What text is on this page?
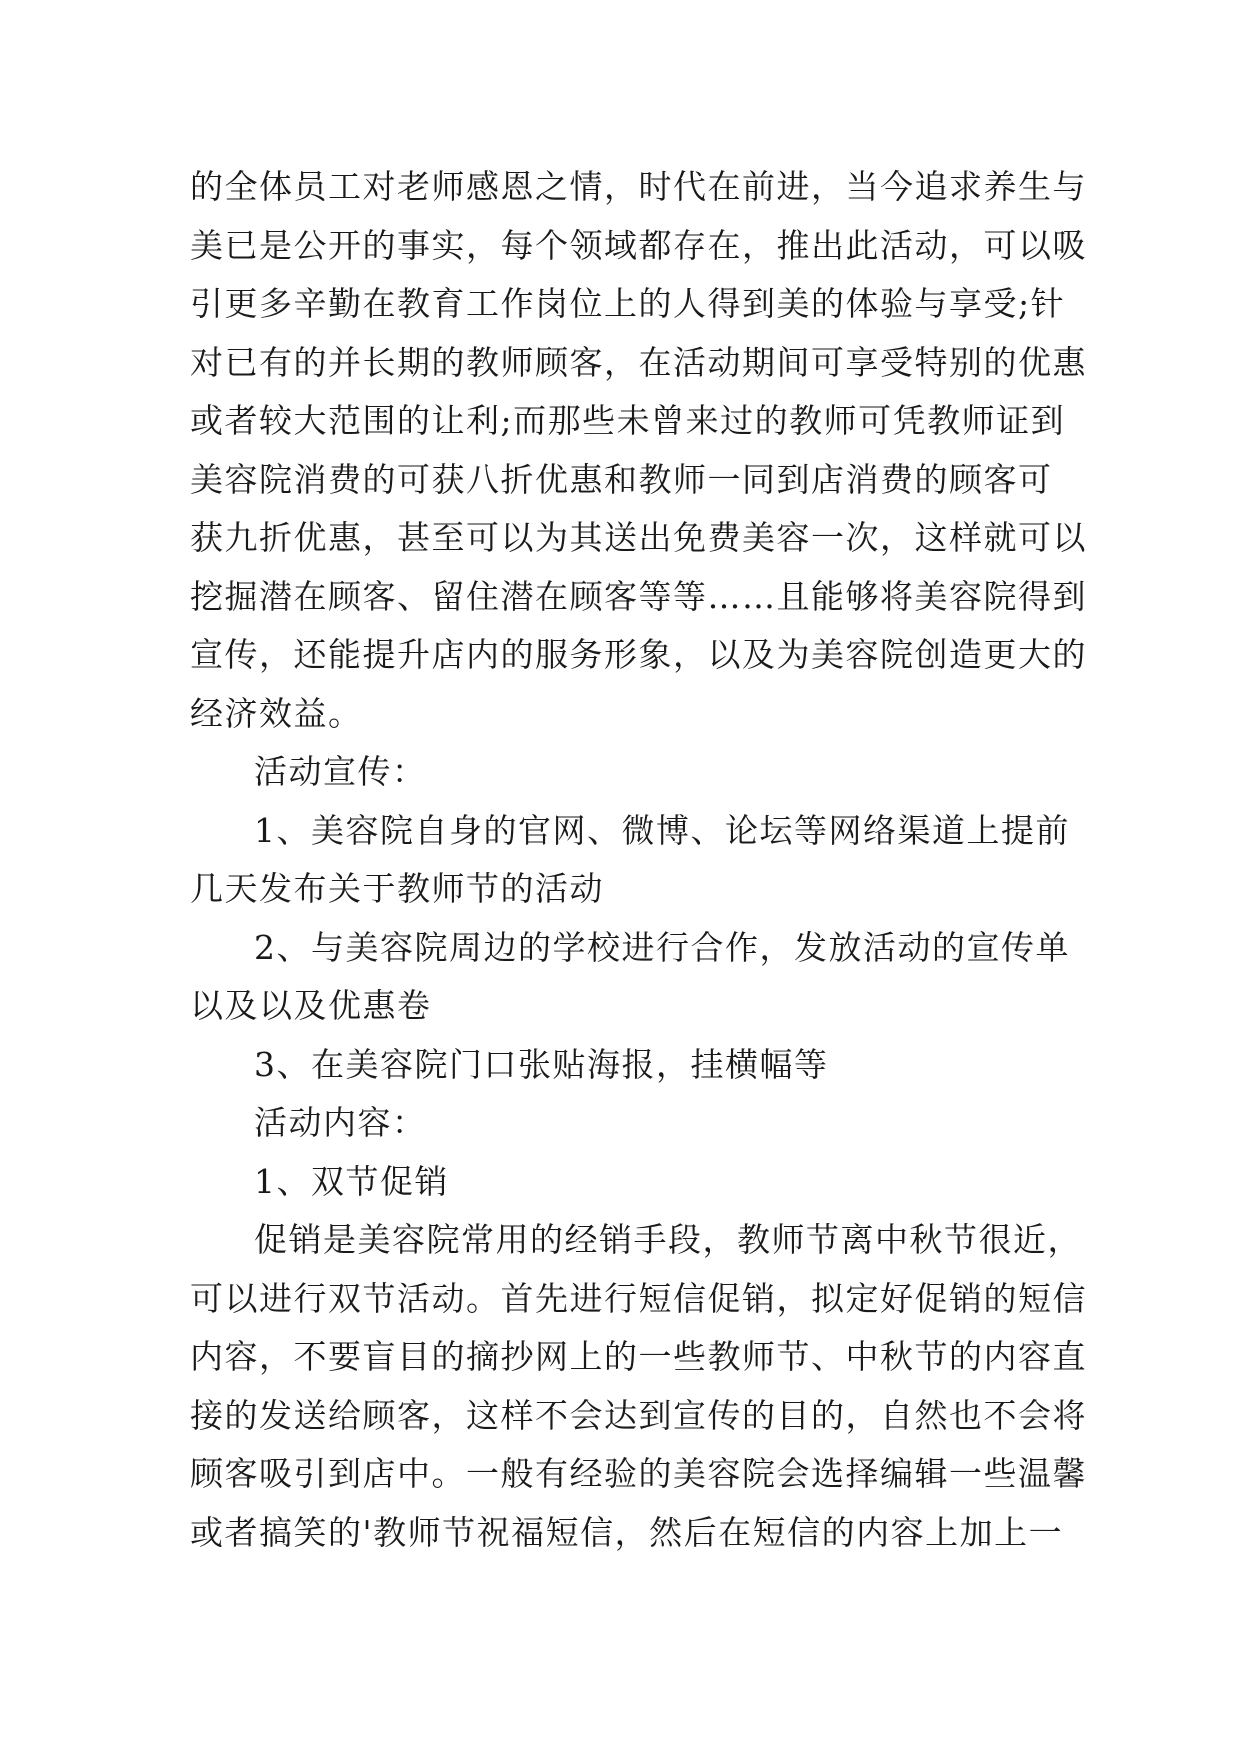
的全体员工对老师感恩之情，时代在前进，当今追求养生与
美已是公开的事实，每个领域都存在，推出此活动，可以吸
引更多辛勤在教育工作岗位上的人得到美的体验与享受;针
对已有的并长期的教师顾客，在活动期间可享受特别的优惠
或者较大范围的让利;而那些未曾来过的教师可凭教师证到
美容院消费的可获八折优惠和教师一同到店消费的顾客可
获九折优惠，甚至可以为其送出免费美容一次，这样就可以
挖掘潜在顾客、留住潜在顾客等等……且能够将美容院得到
宣传，还能提升店内的服务形象，以及为美容院创造更大的
经济效益。
活动宣传：
1、美容院自身的官网、微博、论坛等网络渠道上提前
几天发布关于教师节的活动
2、与美容院周边的学校进行合作，发放活动的宣传单
以及以及优惠卷
3、在美容院门口张贴海报，挂横幅等
活动内容：
1、双节促销
促销是美容院常用的经销手段，教师节离中秋节很近，
可以进行双节活动。首先进行短信促销，拟定好促销的短信
内容，不要盲目的摘抄网上的一些教师节、中秋节的内容直
接的发送给顾客，这样不会达到宣传的目的，自然也不会将
顾客吸引到店中。一般有经验的美容院会选择编辑一些温馨
或者搞笑的'教师节祝福短信，然后在短信的内容上加上一
